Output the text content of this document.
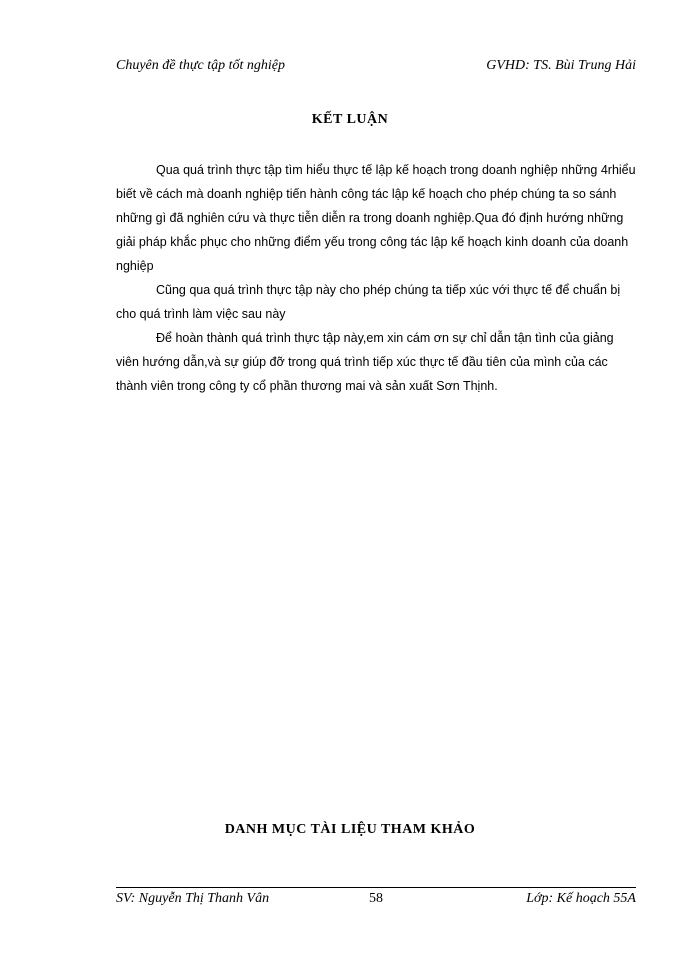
Chuyên đề thực tập tốt nghiệp	GVHD: TS. Bùi Trung Hải
KẾT LUẬN

Qua quá trình thực tập tìm hiểu thực tế lập kế hoạch trong doanh nghiệp những 4rhiểu biết về cách mà doanh nghiệp tiến hành công tác lập kế hoạch cho phép chúng ta so sánh những gì đã nghiên cứu và thực tiễn diễn ra trong doanh nghiệp.Qua đó định hướng những giải pháp khắc phục cho những điểm yếu trong công tác lập kế hoạch kinh doanh của doanh nghiệp

Cũng qua quá trình thực tập này cho phép chúng ta tiếp xúc với thực tế để chuẩn bị cho quá trình làm việc sau này

Để hoàn thành quá trình thực tập này,em xin cám ơn sự chỉ dẫn tận tình của giảng viên hướng dẫn,và sự giúp đỡ trong quá trình tiếp xúc thực tế đầu tiên của mình của các thành viên trong công ty cổ phần thương mai và sản xuất Sơn Thịnh.

DANH MỤC TÀI LIỆU THAM KHẢO
SV: Nguyễn Thị Thanh Vân	58	Lớp: Kế hoạch 55A
